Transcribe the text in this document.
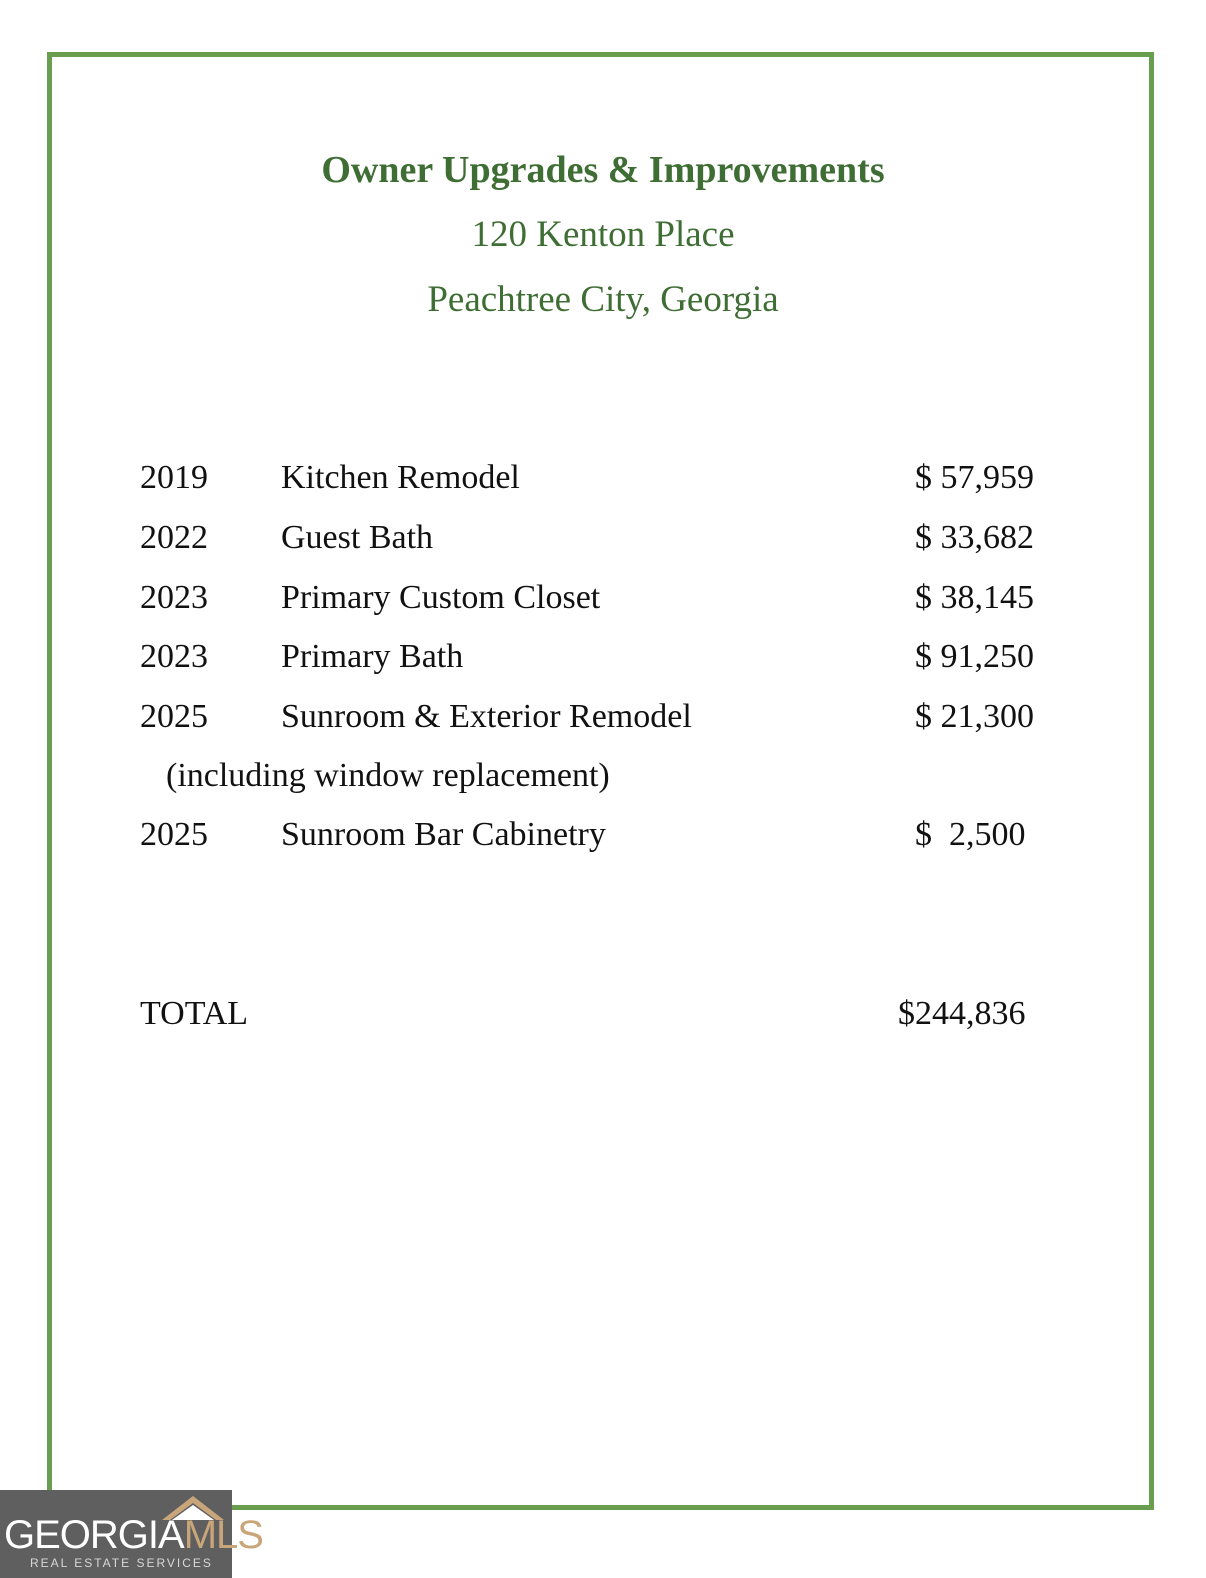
Owner Upgrades & Improvements
120 Kenton Place
Peachtree City, Georgia
2019 Kitchen Remodel	$ 57,959
2022 Guest Bath	$ 33,682
2023 Primary Custom Closet	$ 38,145
2023 Primary Bath	$ 91,250
2025 Sunroom & Exterior Remodel	$ 21,300
(including window replacement)
2025 Sunroom Bar Cabinetry	$  2,500
TOTAL	$244,836
GEORGIAMLS
REAL ESTATE SERVICES
